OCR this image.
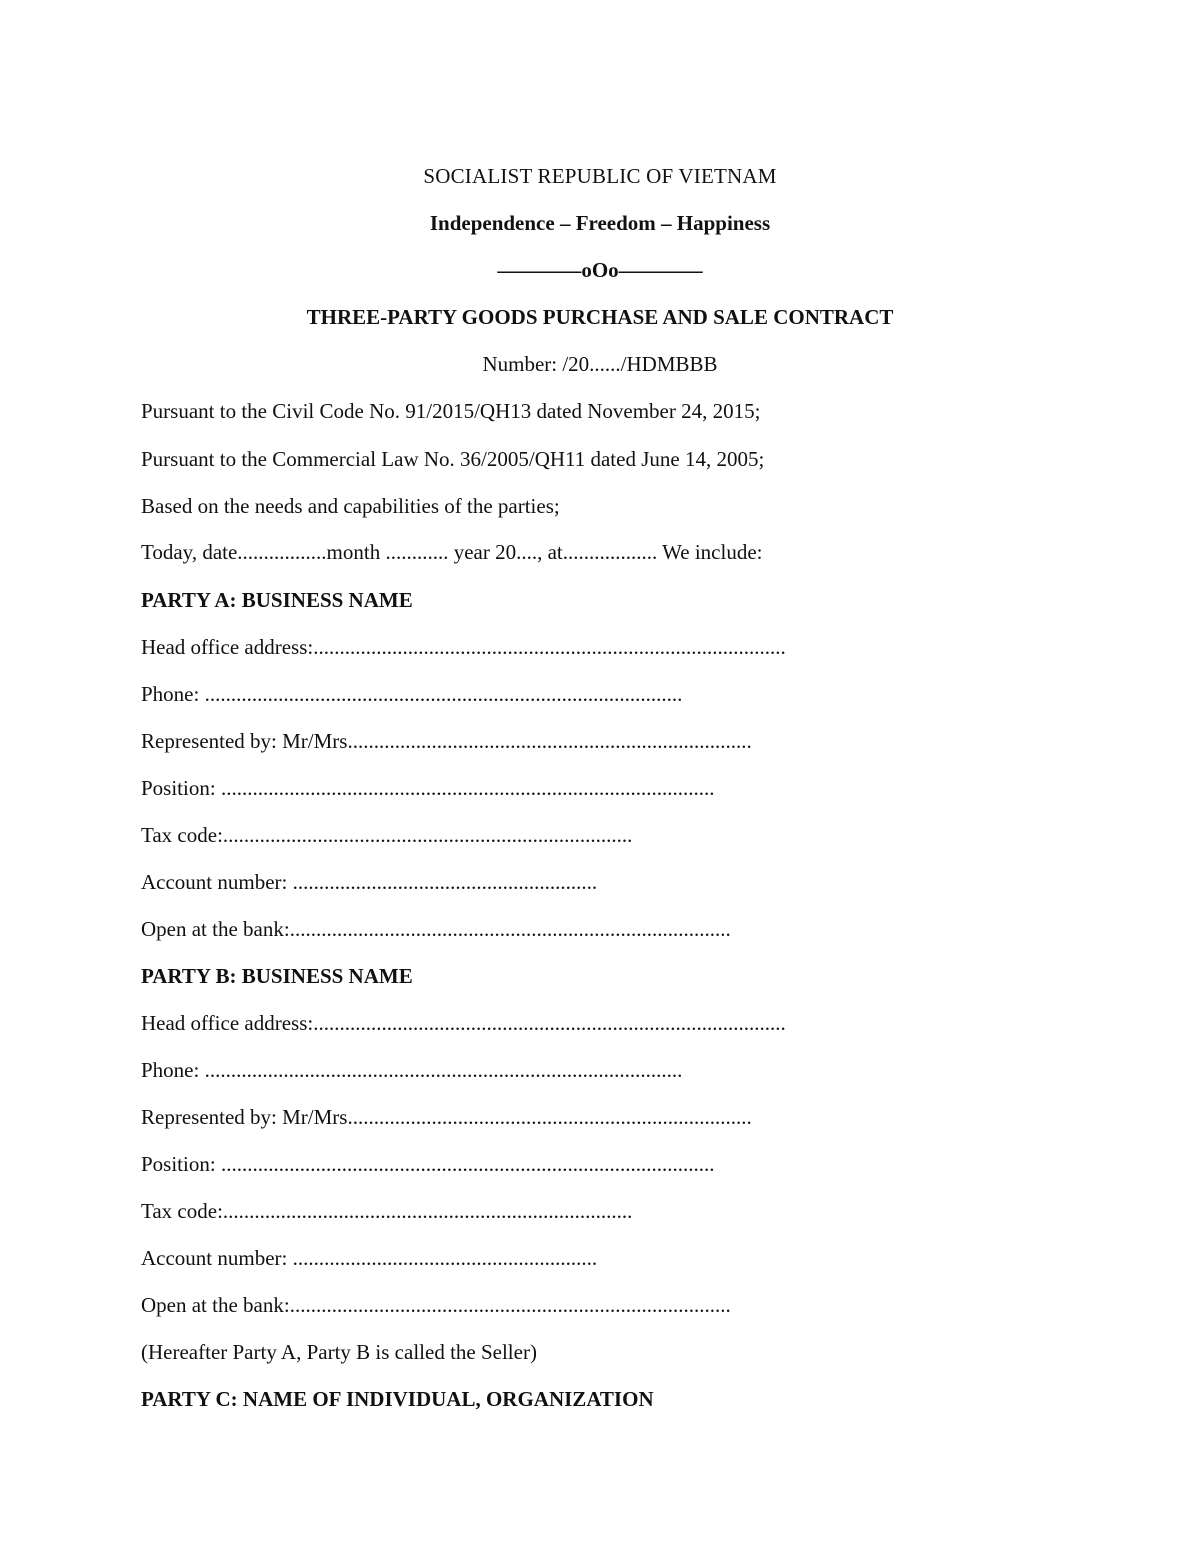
SOCIALIST REPUBLIC OF VIETNAM
Independence – Freedom – Happiness
————oOo————
THREE-PARTY GOODS PURCHASE AND SALE CONTRACT
Number: /20....../HDMBBB
Pursuant to the Civil Code No. 91/2015/QH13 dated November 24, 2015;
Pursuant to the Commercial Law No. 36/2005/QH11 dated June 14, 2005;
Based on the needs and capabilities of the parties;
Today, date.................month ............ year 20...., at.................. We include:
PARTY A: BUSINESS NAME
Head office address:..........................................................................................
Phone: ...........................................................................................
Represented by: Mr/Mrs.............................................................................
Position: ..............................................................................................
Tax code:..............................................................................
Account number: ..........................................................
Open at the bank:....................................................................................
PARTY B: BUSINESS NAME
Head office address:..........................................................................................
Phone: ...........................................................................................
Represented by: Mr/Mrs.............................................................................
Position: ..............................................................................................
Tax code:..............................................................................
Account number: ..........................................................
Open at the bank:....................................................................................
(Hereafter Party A, Party B is called the Seller)
PARTY C: NAME OF INDIVIDUAL, ORGANIZATION
